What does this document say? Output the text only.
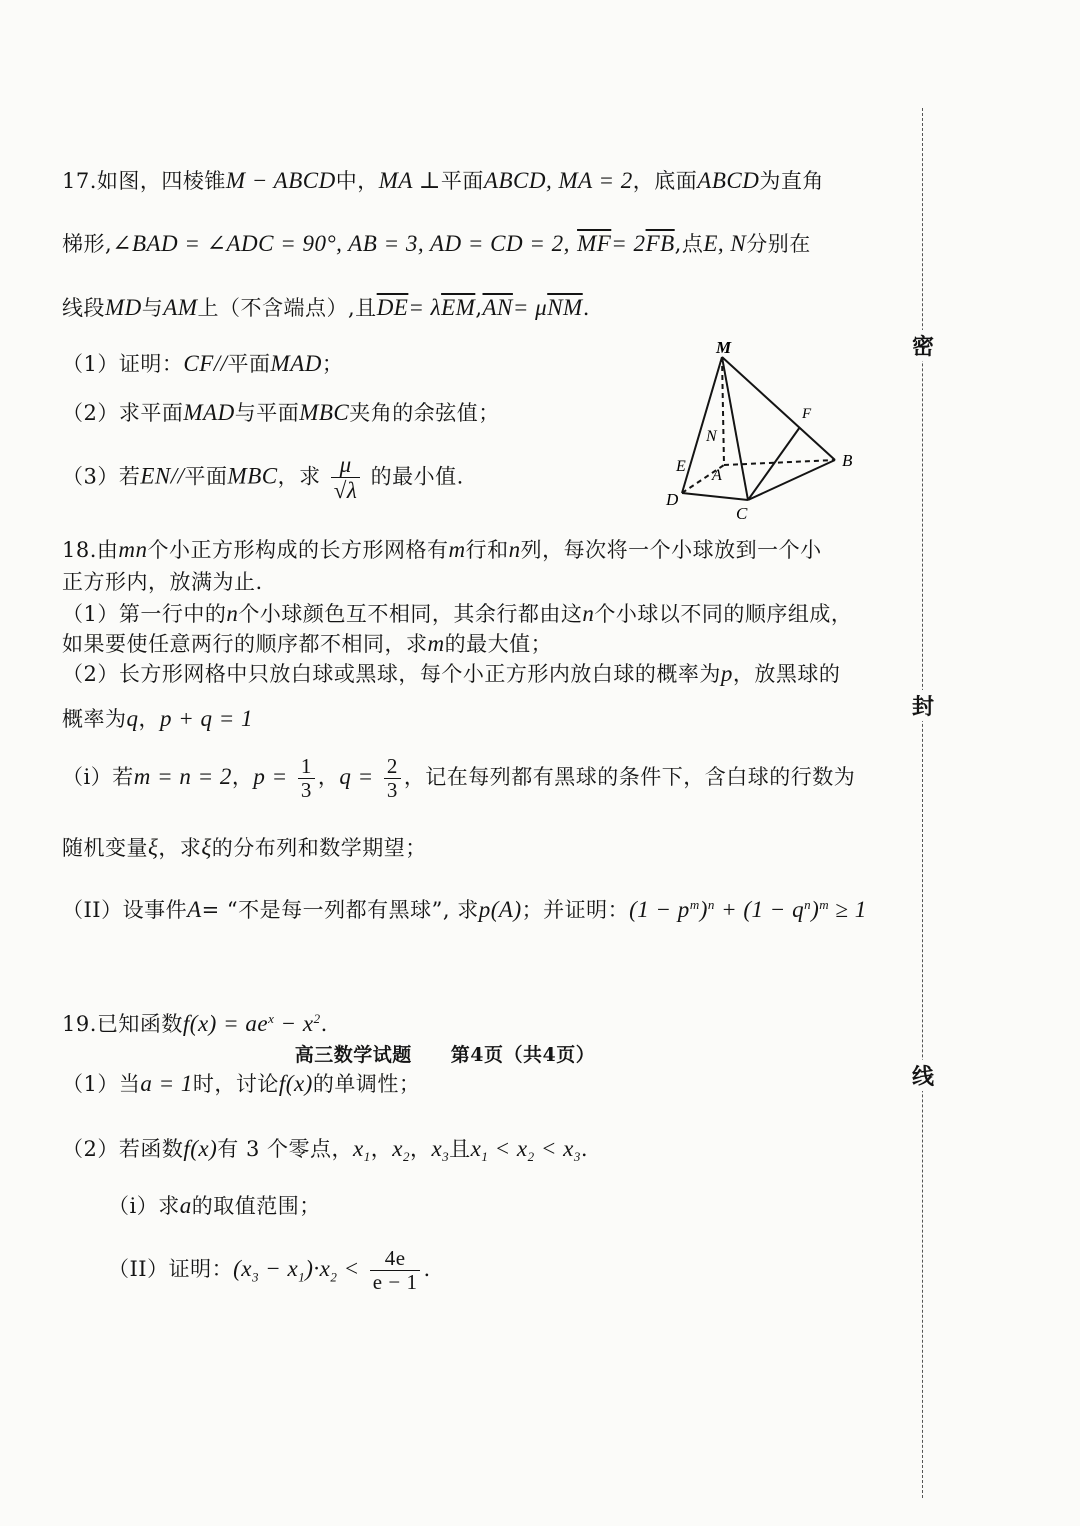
密
封
线
17.如图，四棱锥M − ABCD中，MA ⊥平面ABCD, MA = 2，底面ABCD为直角
梯形,∠BAD = ∠ADC = 90°, AB = 3, AD = CD = 2, $\overline{MF}= 2\overline{FB}$,点E, N分别在
线段MD与AM上（不含端点）,且$\overline{DE}= \lambda\overline{EM},\overline{AN}= \mu\overline{NM}$.
（1）证明：CF//平面MAD；
（2）求平面MAD与平面MBC夹角的余弦值；
（3）若EN//平面MBC，求 $\frac{\mu}{√\lambda}$ 的最小值.
M
F
N
E
A
B
D
C
18.由mn个小正方形构成的长方形网格有m行和n列，每次将一个小球放到一个小
正方形内，放满为止.
（1）第一行中的n个小球颜色互不相同，其余行都由这n个小球以不同的顺序组成，
如果要使任意两行的顺序都不相同，求m的最大值；
（2）长方形网格中只放白球或黑球，每个小正方形内放白球的概率为p，放黑球的
概率为q，p + q = 1
（i）若m = n = 2，$p = \frac{1}{3}$ ，$q = \frac{2}{3}$ ，记在每列都有黑球的条件下，含白球的行数为
随机变量ξ，求ξ的分布列和数学期望；
（II）设事件A= “不是每一列都有黑球”, 求p(A)；并证明：$(1 - p^m)^n + (1 - q^n)^m \ge 1$
19.已知函数$f(x) = ae^x - x^2$.
（1）当a = 1时，讨论f(x)的单调性；
（2）若函数f(x)有 3 个零点，$x_1$，$x_2$，$x_3$且$x_1 < x_2 < x_3$.
（i）求a的取值范围；
（II）证明：$(x_3 - x_1)\cdot x_2 < \frac{4e}{e - 1}$ .
高三数学试题　　第4页（共4页）
